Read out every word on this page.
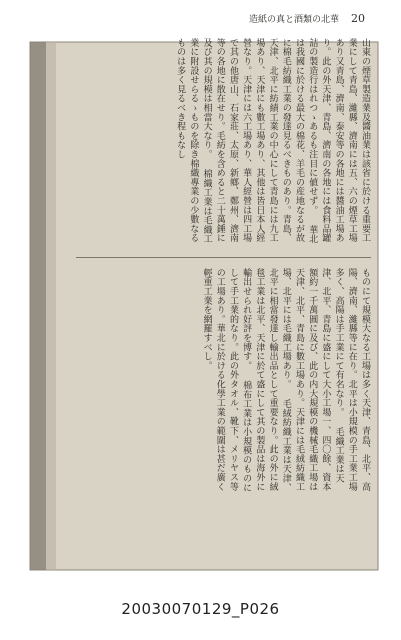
造紙の真と酒類の北華 20
山東の煙草製造業及醬油業は該省に於ける重要工業にして青島、濰縣、濟南には五、六の煙草工場あり又青島、濟南、泰安等の各地には醬油工場あり。此の外天津、青島、濟南の各地には食料品罐詰の製造行はれつゝあるも注目に値せず。 華北は我國に於ける最大の棉花、羊毛の産地なるが故に棉毛紡織工業の發達見るべきものあり。青島、天津、北平に紡績工業の中心にして青島には九工場あり、天津にも數工場あり、其他は皆日本人經營なり。天津には六工場あり、華人經營は四工場で其の他唐山、石家莊、太原、新鄉、鄭州、濟南等の各地に散在せり。毛紡を含めると二十萬錘に及び其の規模は相當大なり。 棉織工業は毛織工業に附設せらるゝものを除き棉織專業の少數なるものは多く見るべき程もなし
ものにて規模大なる工場は多く天津、青島、北平、高陽、濟南、濰縣等に在り。北平は小規模の手工業工場多く、高陽は手工業にて有名なり。 毛織工業は天津、北平、青島に盛にして大小工場一、四〇餘、資本額約一千萬圓に及び、此の内大規模の機械毛織工場は天津、北平、青島に數工場あり。天津には毛絨紡織工場、北平には毛織工場あり。 毛絨紡織工業は天津、北平に相當發達し輸出品として重要なり。此の外に絨毯工業は北平、天津に於て盛にして其の製品は海外に輸出せられ好評を博す。 棉布工業は小規模のものにして手工業的なり。此の外タオル、靴下、メリヤス等の工場あり。華北に於ける化學工業の範圍は甚だ廣く輕重工業を網羅すべし。
20030070129_P026
